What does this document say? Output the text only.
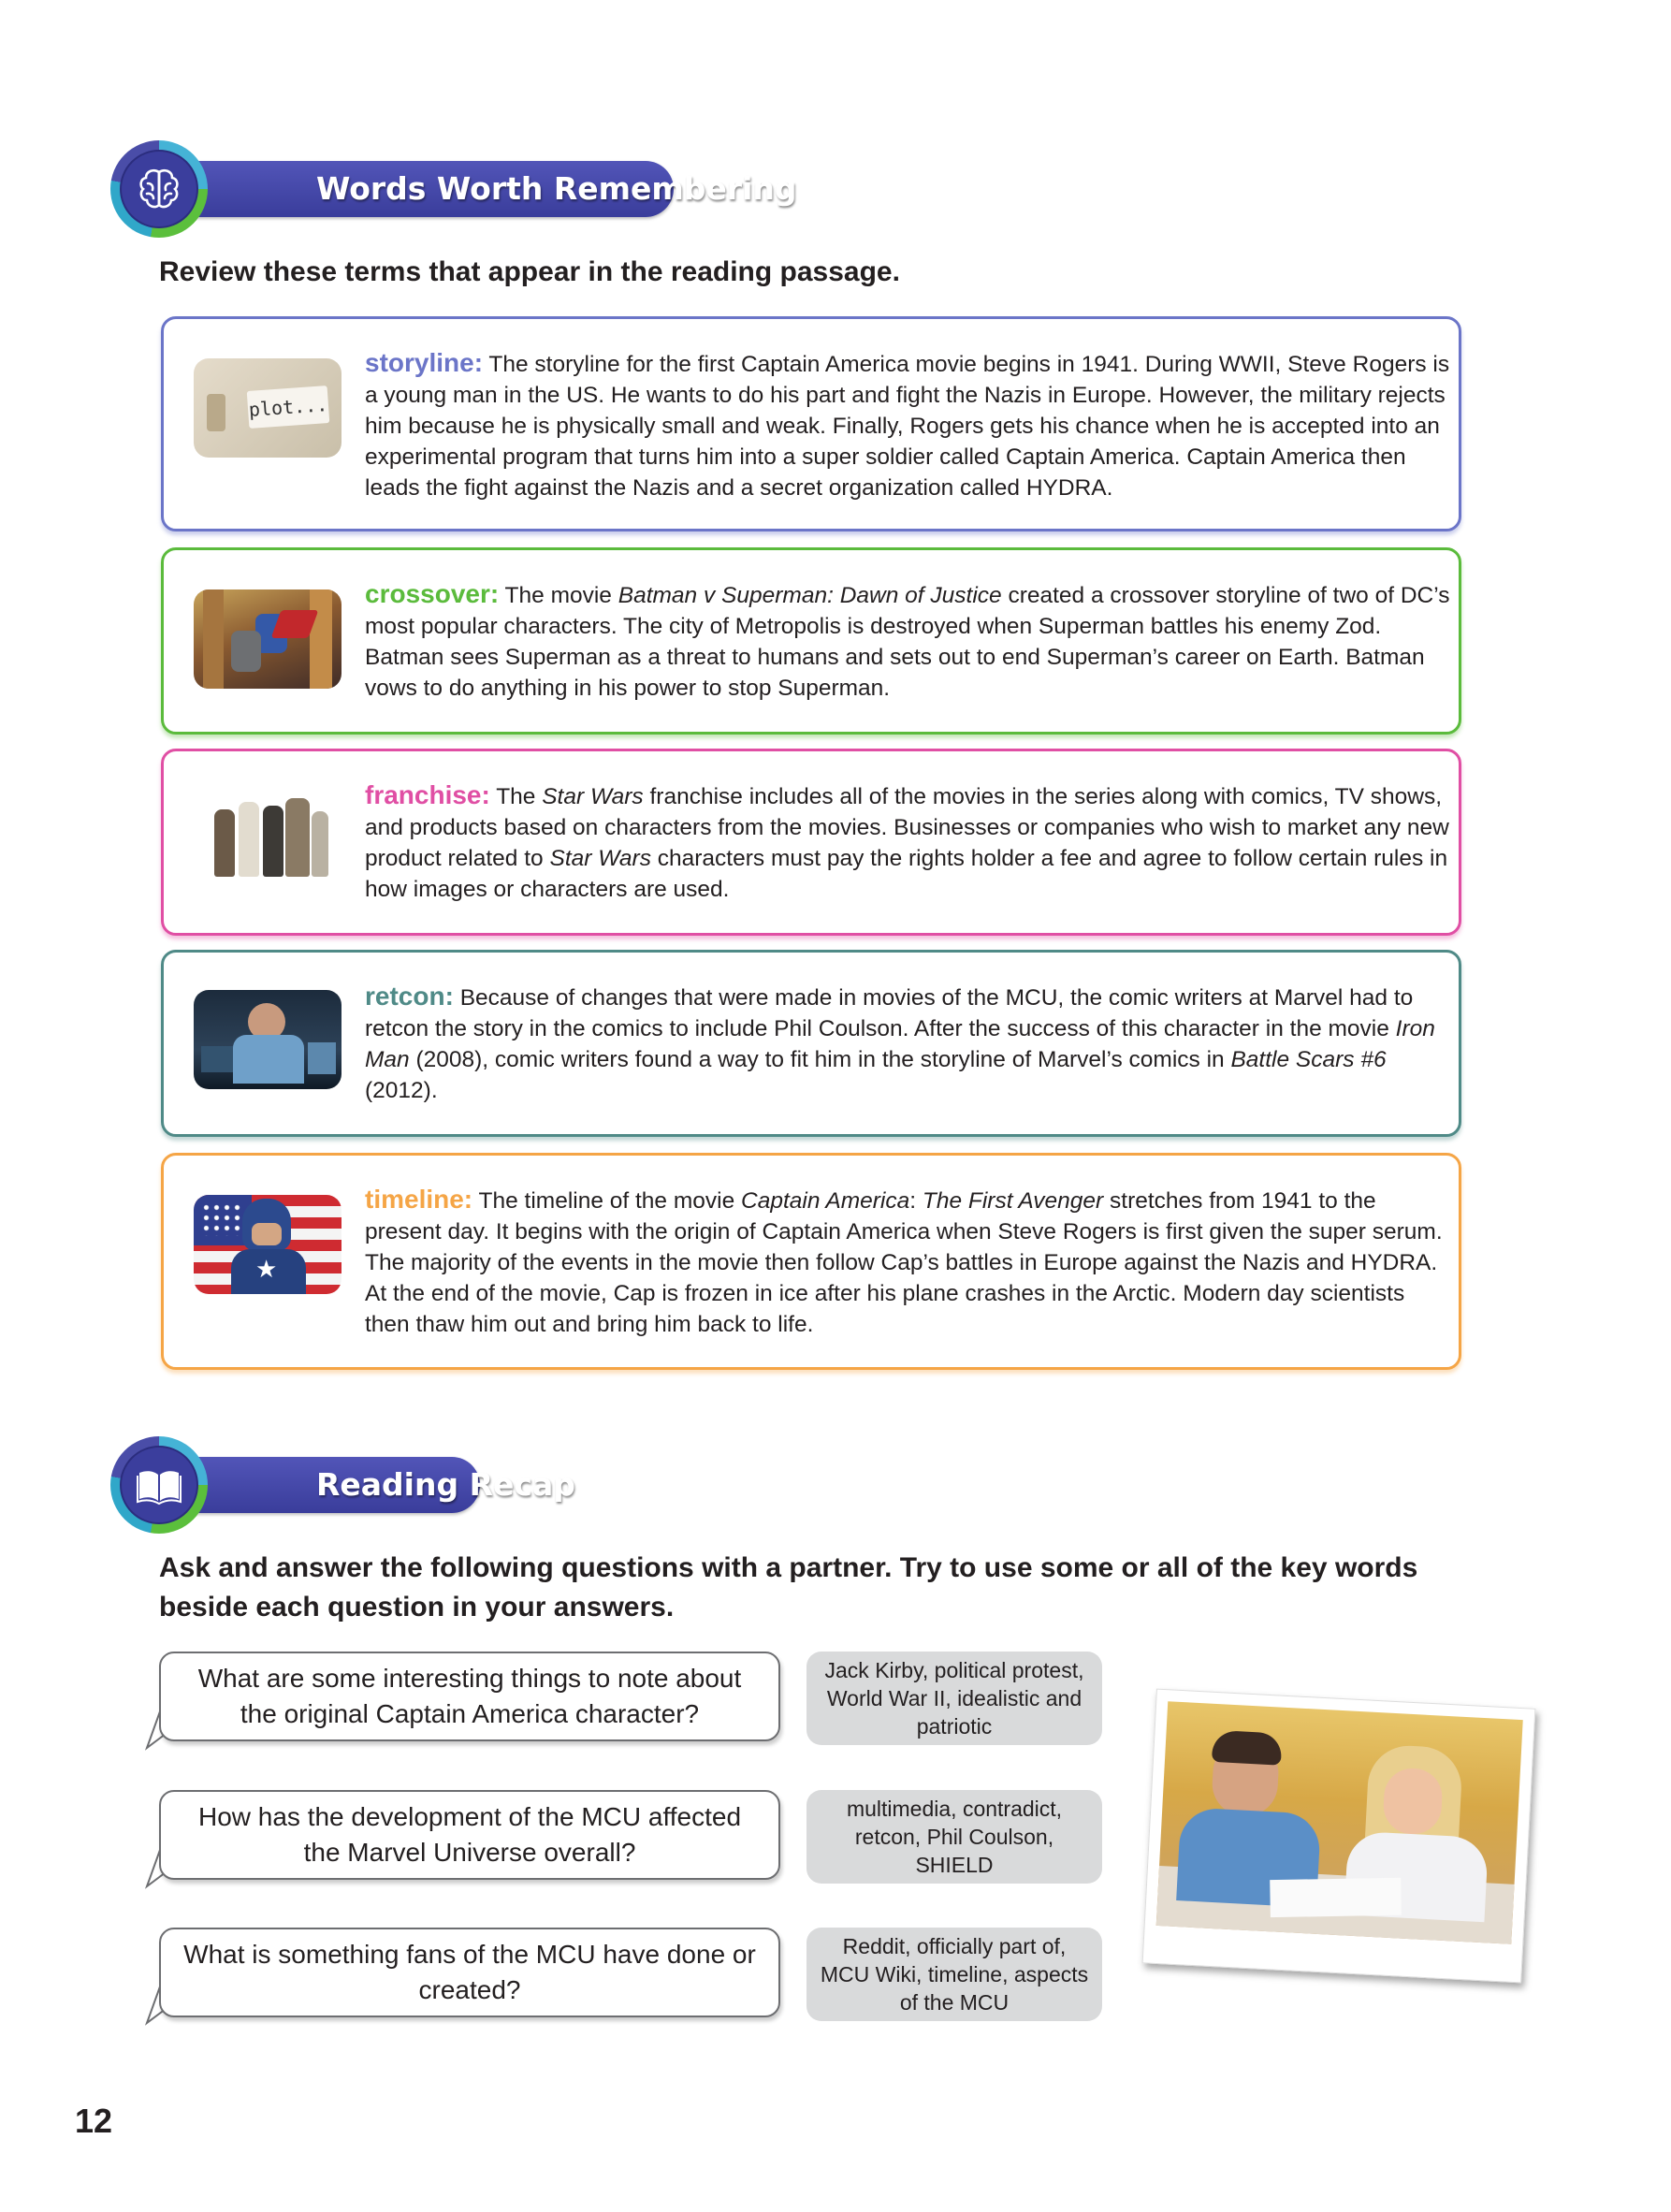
Words Worth Remembering
Review these terms that appear in the reading passage.
plot...
storyline: The storyline for the first Captain America movie begins in 1941. During WWII, Steve Rogers is a young man in the US. He wants to do his part and fight the Nazis in Europe. However, the military rejects him because he is physically small and weak. Finally, Rogers gets his chance when he is accepted into an experimental program that turns him into a super soldier called Captain America. Captain America then leads the fight against the Nazis and a secret organization called HYDRA.
crossover: The movie Batman v Superman: Dawn of Justice created a crossover storyline of two of DC’s most popular characters. The city of Metropolis is destroyed when Superman battles his enemy Zod. Batman sees Superman as a threat to humans and sets out to end Superman’s career on Earth. Batman vows to do anything in his power to stop Superman.
franchise: The Star Wars franchise includes all of the movies in the series along with comics, TV shows, and products based on characters from the movies. Businesses or companies who wish to market any new product related to Star Wars characters must pay the rights holder a fee and agree to follow certain rules in how images or characters are used.
retcon: Because of changes that were made in movies of the MCU, the comic writers at Marvel had to retcon the story in the comics to include Phil Coulson. After the success of this character in the movie Iron Man (2008), comic writers found a way to fit him in the storyline of Marvel’s comics in Battle Scars #6 (2012).
★
timeline: The timeline of the movie Captain America: The First Avenger stretches from 1941 to the present day. It begins with the origin of Captain America when Steve Rogers is first given the super serum. The majority of the events in the movie then follow Cap’s battles in Europe against the Nazis and HYDRA. At the end of the movie, Cap is frozen in ice after his plane crashes in the Arctic. Modern day scientists then thaw him out and bring him back to life.
Reading Recap
Ask and answer the following questions with a partner. Try to use some or all of the key words beside each question in your answers.
What are some interesting things to note about the original Captain America character?
Jack Kirby, political protest, World War II, idealistic and patriotic
How has the development of the MCU affected the Marvel Universe overall?
multimedia, contradict, retcon, Phil Coulson, SHIELD
What is something fans of the MCU have done or created?
Reddit, officially part of, MCU Wiki, timeline, aspects of the MCU
12
